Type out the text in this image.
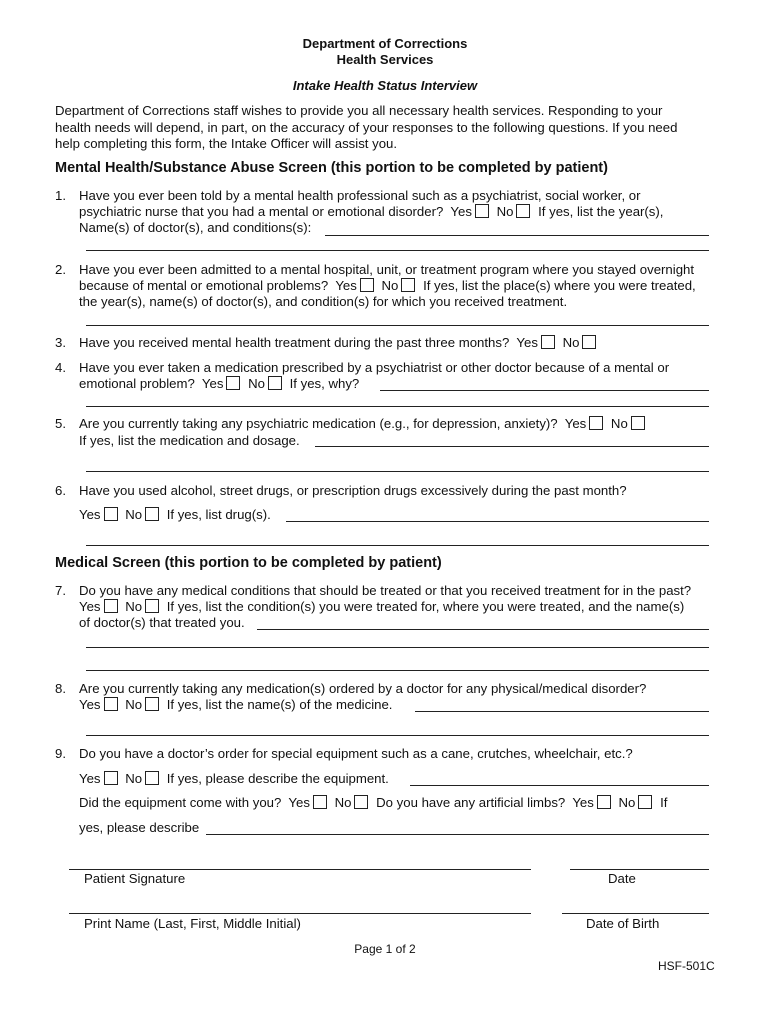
Department of Corrections
Health Services
Intake Health Status Interview
Department of Corrections staff wishes to provide you all necessary health services. Responding to your
health needs will depend, in part, on the accuracy of your responses to the following questions. If you need
help completing this form, the Intake Officer will assist you.
Mental Health/Substance Abuse Screen (this portion to be completed by patient)
1. Have you ever been told by a mental health professional such as a psychiatrist, social worker, or
psychiatric nurse that you had a mental or emotional disorder? Yes No If yes, list the year(s),
Name(s) of doctor(s), and conditions(s):
2. Have you ever been admitted to a mental hospital, unit, or treatment program where you stayed overnight
because of mental or emotional problems? Yes No If yes, list the place(s) where you were treated,
the year(s), name(s) of doctor(s), and condition(s) for which you received treatment.
3. Have you received mental health treatment during the past three months? Yes No
4. Have you ever taken a medication prescribed by a psychiatrist or other doctor because of a mental or
emotional problem? Yes No If yes, why?
5. Are you currently taking any psychiatric medication (e.g., for depression, anxiety)? Yes No
If yes, list the medication and dosage.
6. Have you used alcohol, street drugs, or prescription drugs excessively during the past month?
Yes No If yes, list drug(s).
Medical Screen (this portion to be completed by patient)
7. Do you have any medical conditions that should be treated or that you received treatment for in the past?
Yes No If yes, list the condition(s) you were treated for, where you were treated, and the name(s)
of doctor(s) that treated you.
8. Are you currently taking any medication(s) ordered by a doctor for any physical/medical disorder?
Yes No If yes, list the name(s) of the medicine.
9. Do you have a doctor’s order for special equipment such as a cane, crutches, wheelchair, etc.?
Yes No If yes, please describe the equipment.
Did the equipment come with you? Yes No Do you have any artificial limbs? Yes No If
yes, please describe
Patient Signature	Date
Print Name (Last, First, Middle Initial)	Date of Birth
Page 1 of 2
HSF-501C
